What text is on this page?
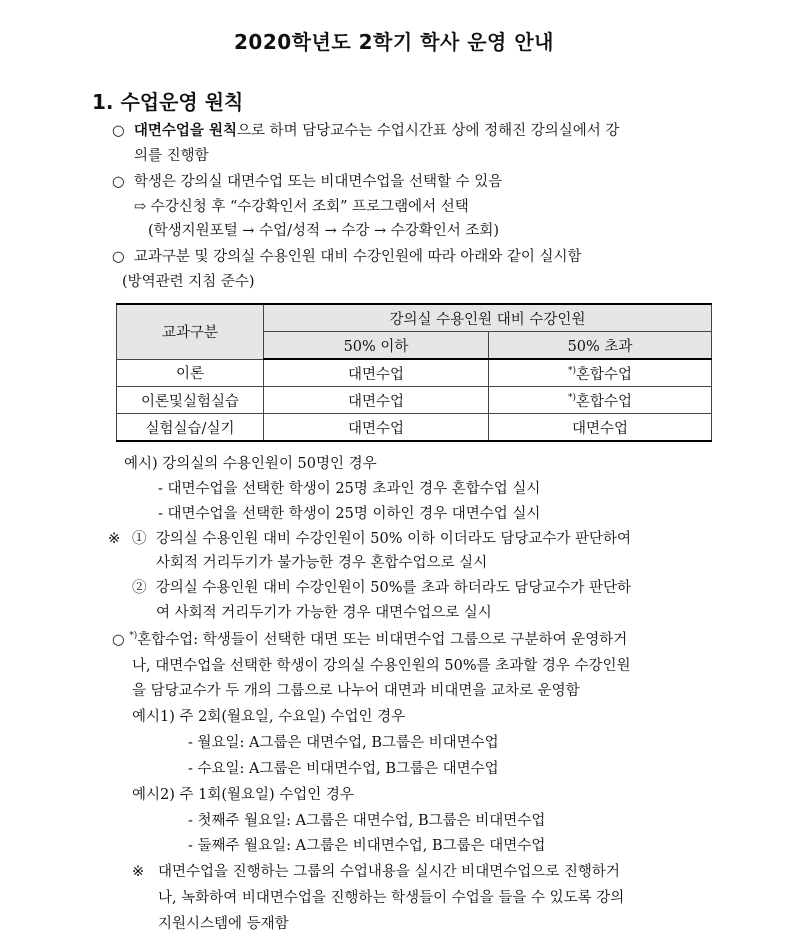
2020학년도 2학기 학사 운영 안내
1. 수업운영 원칙
○ 대면수업을 원칙으로 하며 담당교수는 수업시간표 상에 정해진 강의실에서 강
의를 진행함
○ 학생은 강의실 대면수업 또는 비대면수업을 선택할 수 있음
⇨ 수강신청 후 “수강확인서 조회” 프로그램에서 선택
(학생지원포털 → 수업/성적 → 수강 → 수강확인서 조회)
○ 교과구분 및 강의실 수용인원 대비 수강인원에 따라 아래와 같이 실시함
(방역관련 지침 준수)
교과구분	강의실 수용인원 대비 수강인원	
	50% 이하	50% 초과
이론	대면수업	*)혼합수업
이론및실험실습	대면수업	*)혼합수업
실험실습/실기	대면수업	대면수업
예시) 강의실의 수용인원이 50명인 경우
- 대면수업을 선택한 학생이 25명 초과인 경우 혼합수업 실시
- 대면수업을 선택한 학생이 25명 이하인 경우 대면수업 실시
※ ① 강의실 수용인원 대비 수강인원이 50% 이하 이더라도 담당교수가 판단하여
사회적 거리두기가 불가능한 경우 혼합수업으로 실시
② 강의실 수용인원 대비 수강인원이 50%를 초과 하더라도 담당교수가 판단하
여 사회적 거리두기가 가능한 경우 대면수업으로 실시
○ *)혼합수업: 학생들이 선택한 대면 또는 비대면수업 그룹으로 구분하여 운영하거
나, 대면수업을 선택한 학생이 강의실 수용인원의 50%를 초과할 경우 수강인원
을 담당교수가 두 개의 그룹으로 나누어 대면과 비대면을 교차로 운영함
예시1) 주 2회(월요일, 수요일) 수업인 경우
- 월요일: A그룹은 대면수업, B그룹은 비대면수업
- 수요일: A그룹은 비대면수업, B그룹은 대면수업
예시2) 주 1회(월요일) 수업인 경우
- 첫째주 월요일: A그룹은 대면수업, B그룹은 비대면수업
- 둘째주 월요일: A그룹은 비대면수업, B그룹은 대면수업
※ 대면수업을 진행하는 그룹의 수업내용을 실시간 비대면수업으로 진행하거
나, 녹화하여 비대면수업을 진행하는 학생들이 수업을 들을 수 있도록 강의
지원시스템에 등재함
